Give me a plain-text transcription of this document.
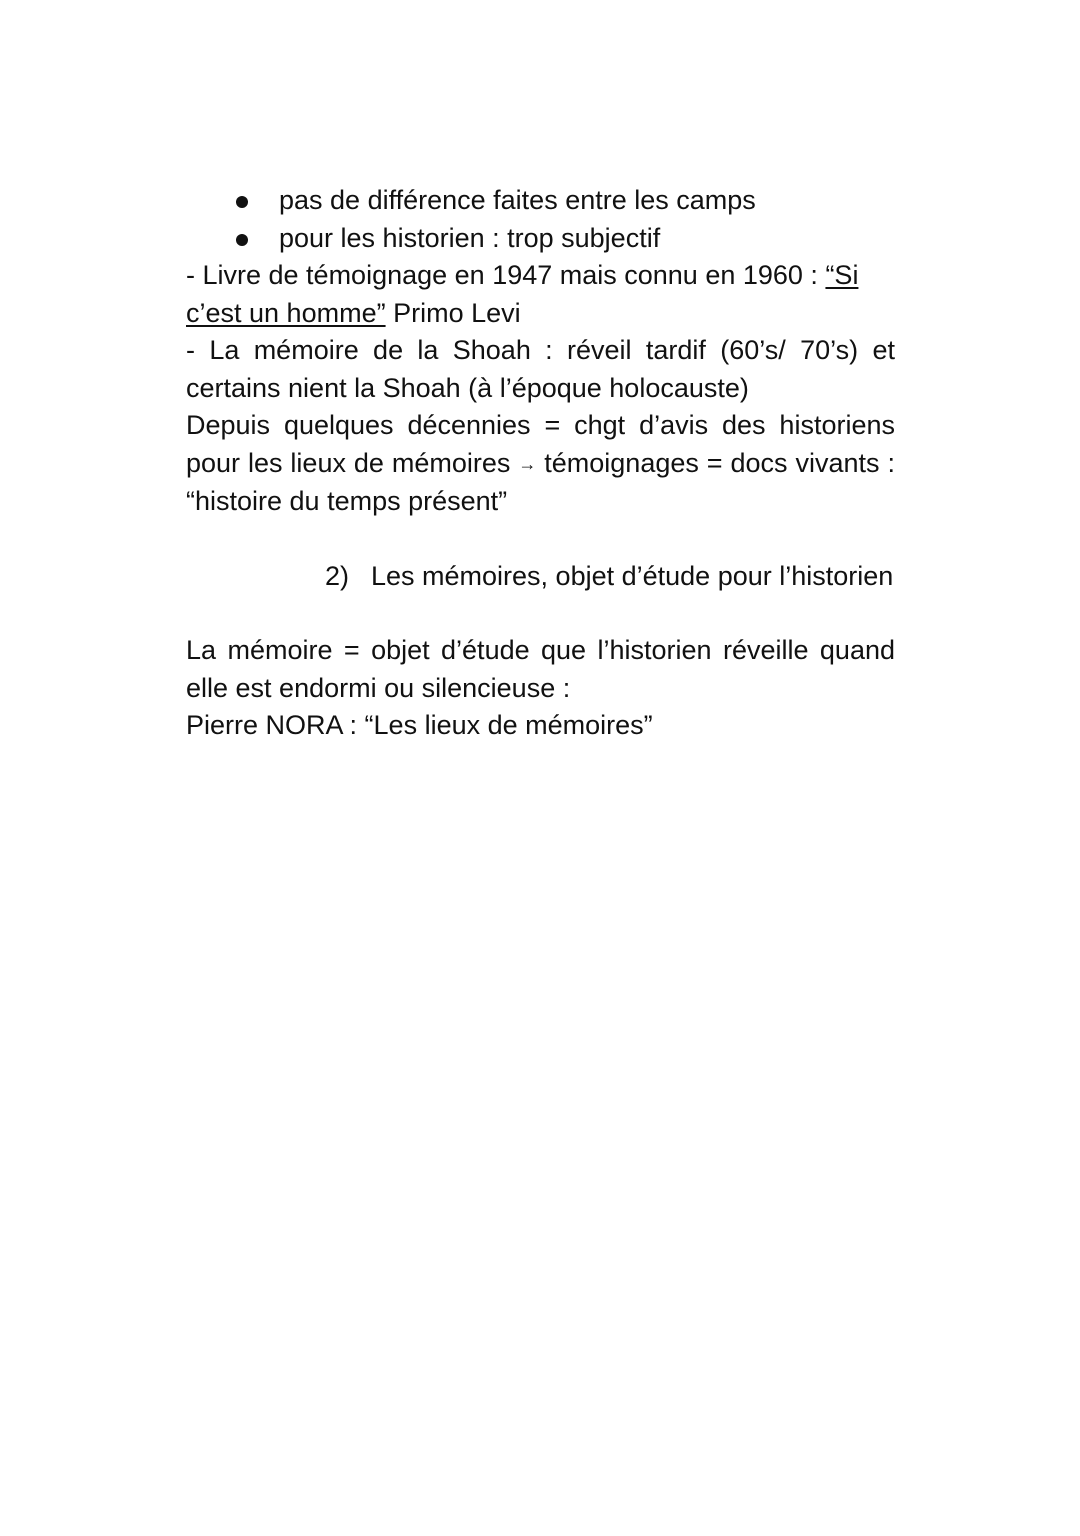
pas de différence faites entre les camps
pour les historien : trop subjectif

- Livre de témoignage en 1947 mais connu en 1960 : “Si
c’est un homme” Primo Levi

- La mémoire de la Shoah : réveil tardif (60’s/ 70’s) et certains nient la Shoah (à l’époque holocauste)

Depuis quelques décennies = chgt d’avis des historiens pour les lieux de mémoires → témoignages = docs vivants : “histoire du temps présent”

2) Les mémoires, objet d’étude pour l’historien

La mémoire = objet d’étude que l’historien réveille quand elle est endormi ou silencieuse :

Pierre NORA : “Les lieux de mémoires”
